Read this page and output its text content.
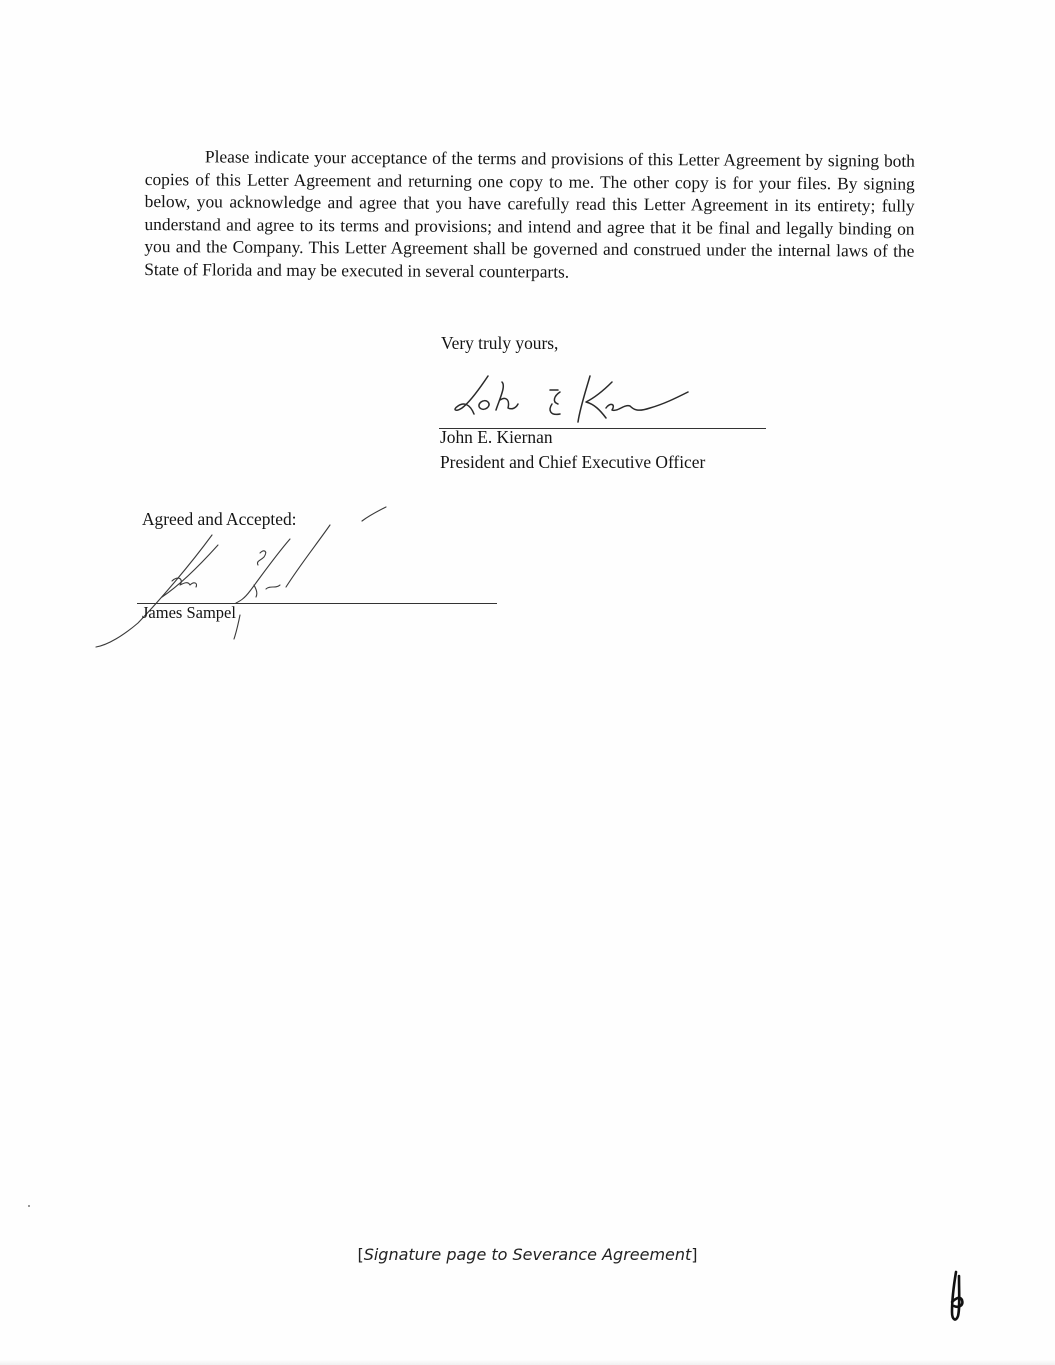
Please indicate your acceptance of the terms and provisions of this Letter Agreement by signing both copies of this Letter Agreement and returning one copy to me. The other copy is for your files. By signing below, you acknowledge and agree that you have carefully read this Letter Agreement in its entirety; fully understand and agree to its terms and provisions; and intend and agree that it be final and legally binding on you and the Company. This Letter Agreement shall be governed and construed under the internal laws of the State of Florida and may be executed in several counterparts.

Very truly yours,

John E. Kiernan

President and Chief Executive Officer

Agreed and Accepted:

James Sampel

[Signature page to Severance Agreement]
